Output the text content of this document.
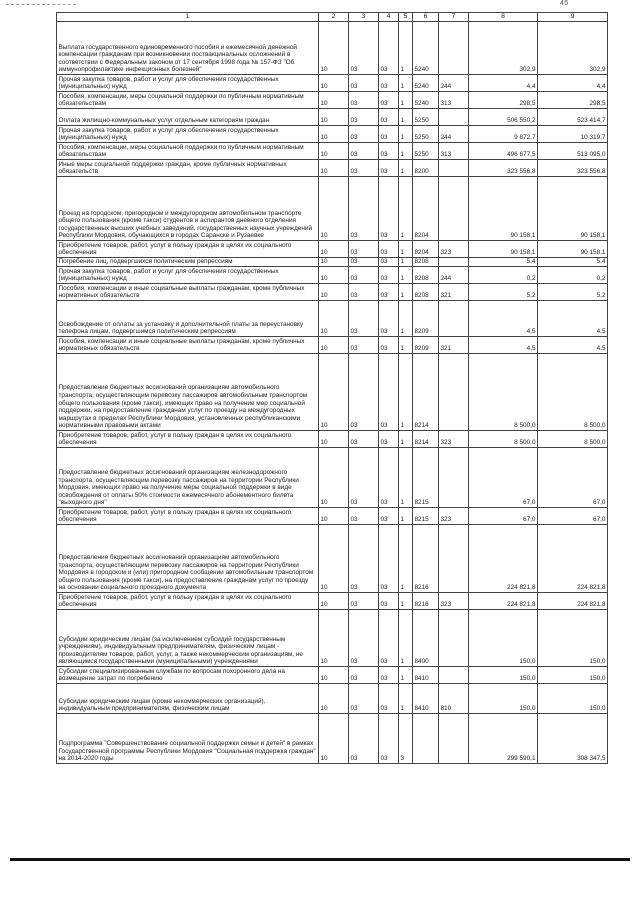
45
1	2	3	4	5	6	7	8	9
Выплата государственного единовременного пособия и ежемесячной денежной компенсации гражданам при возникновении поствакцинальных осложнений в соответствии с Федеральным законом от 17 сентября 1998 года № 157-ФЗ "Об иммунопрофилактике инфекционных болезней"	10	03	03	1	5240		302,9	302,9
Прочая закупка товаров, работ и услуг для обеспечения государственных (муниципальных) нужд	10	03	03	1	5240	244	4,4	4,4
Пособия, компенсации, меры социальной поддержки по публичным нормативным обязательствам	10	03	03	1	5240	313	298,5	298,5
Оплата жилищно-коммунальных услуг отдельным категориям граждан	10	03	03	1	5250		506 550,2	523 414,7
Прочая закупка товаров, работ и услуг для обеспечения государственных (муниципальных) нужд	10	03	03	1	5250	244	9 872,7	10 319,7
Пособия, компенсации, меры социальной поддержки по публичным нормативным обязательствам	10	03	03	1	5250	313	496 677,5	513 095,0
Иные меры социальной поддержки граждан, кроме публичных нормативных обязательств	10	03	03	1	8200		323 556,8	323 556,8
Проезд на городском, пригородном и междугородном автомобильном транспорте общего пользования (кроме такси) студентов и аспирантов дневного отделения государственных высших учебных заведений, государственных научных учреждений Республики Мордовия, обучающихся в городах Саранске и Рузаевке	10	03	03	1	8204		90 158,1	90 158,1
Приобретение товаров, работ, услуг в пользу граждан в целях их социального обеспечения	10	03	03	1	8204	323	90 158,1	90 158,1
Погребение лиц, подвергшихся политическим репрессиям	10	03	03	1	8208		5,4	5,4
Прочая закупка товаров, работ и услуг для обеспечения государственных (муниципальных) нужд	10	03	03	1	8208	244	0,2	0,2
Пособия, компенсации и иные социальные выплаты гражданам, кроме публичных нормативных обязательств	10	03	03	1	8208	321	5,2	5,2
Освобождение от оплаты за установку и дополнительной платы за переустановку телефона лицам, подвергшимся политическим репрессиям	10	03	03	1	8209		4,5	4,5
Пособия, компенсации и иные социальные выплаты гражданам, кроме публичных нормативных обязательств	10	03	03	1	8209	321	4,5	4,5
Предоставление бюджетных ассигнований организациям автомобильного транспорта, осуществляющим перевозку пассажиров автомобильным транспортом общего пользования (кроме такси), имеющих право на получение мер социальной поддержки, на предоставление гражданам услуг по проезду на междугородных маршрутах в пределах Республики Мордовия, установленных республиканскими нормативными правовыми актами	10	03	03	1	8214		8 500,0	8 500,0
Приобретение товаров, работ, услуг в пользу граждан в целях их социального обеспечения	10	03	03	1	8214	323	8 500,0	8 500,0
Предоставление бюджетных ассигнований организациям железнодорожного транспорта, осуществляющим перевозку пассажиров на территории Республики Мордовия, имеющих право на получение меры социальной поддержки в виде освобождения от оплаты 50% стоимости ежемесячного абонементного билета "выходного дня"	10	03	03	1	8215		67,0	67,0
Приобретение товаров, работ, услуг в пользу граждан в целях их социального обеспечения	10	03	03	1	8215	323	67,0	67,0
Предоставление бюджетных ассигнований организациям автомобильного транспорта, осуществляющим перевозку пассажиров на территории Республики Мордовия в городском и (или) пригородном сообщении автомобильным транспортом общего пользования (кроме такси), на предоставление гражданам услуг по проезду на основании социального проездного документа	10	03	03	1	8216		224 821,8	224 821,8
Приобретение товаров, работ, услуг в пользу граждан в целях их социального обеспечения	10	03	03	1	8216	323	224 821,8	224 821,8
Субсидии юридическим лицам (за исключением субсидий государственным учреждениям), индивидуальным предпринимателям, физическим лицам - производителям товаров, работ, услуг, а также некоммерческим организациям, не являющимся государственными (муниципальными) учреждениями	10	03	03	1	8400		150,0	150,0
Субсидии специализированным службам по вопросам похоронного дела на возмещение затрат по погребению	10	03	03	1	8410		150,0	150,0
Субсидии юридическим лицам (кроме некоммерческих организаций), индивидуальным предпринимателям, физическим лицам	10	03	03	1	8410	810	150,0	150,0
Подпрограмма "Совершенствование социальной поддержки семьи и детей" в рамках Государственной программы Республики Мордовия "Социальная поддержка граждан" на 2014-2020 годы	10	03	03	3			299 590,1	308 347,5
